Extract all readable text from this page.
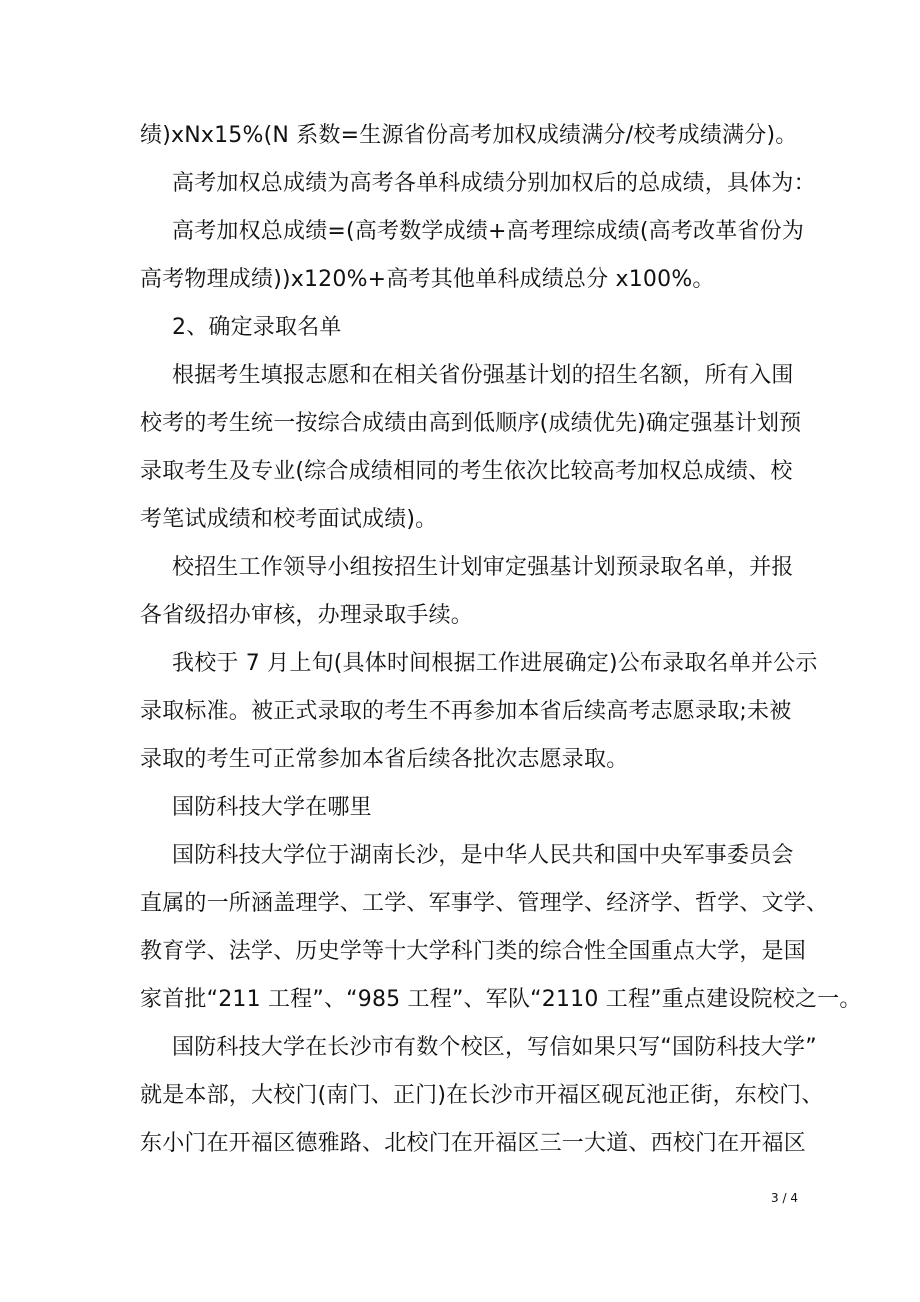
绩)xNx15%(N 系数=生源省份高考加权成绩满分/校考成绩满分)。
高考加权总成绩为高考各单科成绩分别加权后的总成绩，具体为：
高考加权总成绩=(高考数学成绩+高考理综成绩(高考改革省份为
高考物理成绩))x120%+高考其他单科成绩总分 x100%。
2、确定录取名单
根据考生填报志愿和在相关省份强基计划的招生名额，所有入围
校考的考生统一按综合成绩由高到低顺序(成绩优先)确定强基计划预
录取考生及专业(综合成绩相同的考生依次比较高考加权总成绩、校
考笔试成绩和校考面试成绩)。
校招生工作领导小组按招生计划审定强基计划预录取名单，并报
各省级招办审核，办理录取手续。
我校于 7 月上旬(具体时间根据工作进展确定)公布录取名单并公示
录取标准。被正式录取的考生不再参加本省后续高考志愿录取;未被
录取的考生可正常参加本省后续各批次志愿录取。
国防科技大学在哪里
国防科技大学位于湖南长沙，是中华人民共和国中央军事委员会
直属的一所涵盖理学、工学、军事学、管理学、经济学、哲学、文学、
教育学、法学、历史学等十大学科门类的综合性全国重点大学，是国
家首批“211 工程”、“985 工程”、军队“2110 工程”重点建设院校之一。
国防科技大学在长沙市有数个校区，写信如果只写“国防科技大学”
就是本部，大校门(南门、正门)在长沙市开福区砚瓦池正街，东校门、
东小门在开福区德雅路、北校门在开福区三一大道、西校门在开福区
3 / 4
